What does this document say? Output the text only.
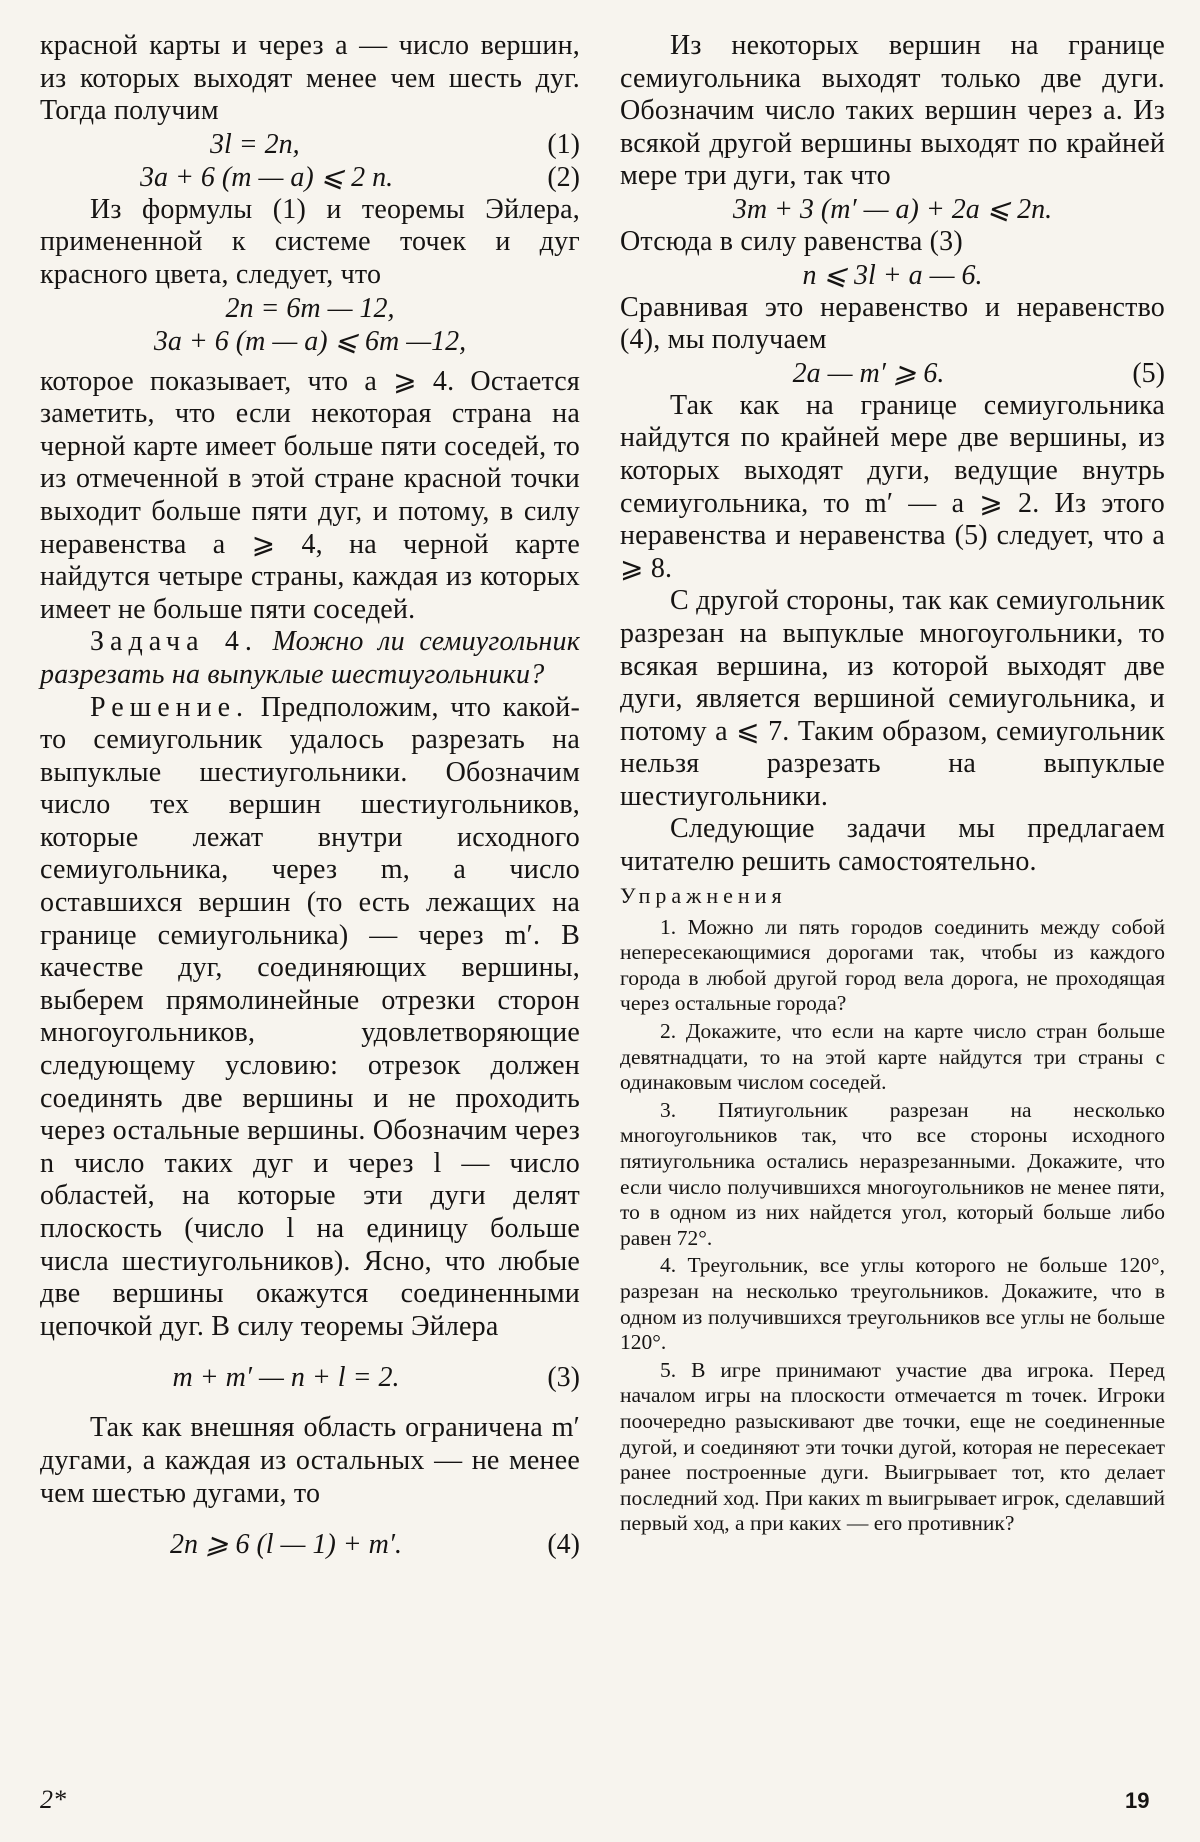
красной карты и через a — число вершин, из которых выходят менее чем шесть дуг. Тогда получим

3l = 2n,	(1)
3a + 6 (m — a) ⩽ 2 n.	(2)

Из формулы (1) и теоремы Эйлера, примененной к системе точек и дуг красного цвета, следует, что

2n = 6m — 12,
3a + 6 (m — a) ⩽ 6m —12,

которое показывает, что a ⩾ 4. Остается заметить, что если некоторая страна на черной карте имеет больше пяти соседей, то из отмеченной в этой стране красной точки выходит больше пяти дуг, и потому, в силу неравенства a ⩾ 4, на черной карте найдутся четыре страны, каждая из которых имеет не больше пяти соседей.

Задача 4. Можно ли семиугольник разрезать на выпуклые шестиугольники?

Решение. Предположим, что какой-то семиугольник удалось разрезать на выпуклые шестиугольники. Обозначим число тех вершин шестиугольников, которые лежат внутри исходного семиугольника, через m, а число оставшихся вершин (то есть лежащих на границе семиугольника) — через m′. В качестве дуг, соединяющих вершины, выберем прямолинейные отрезки сторон многоугольников, удовлетворяющие следующему условию: отрезок должен соединять две вершины и не проходить через остальные вершины. Обозначим через n число таких дуг и через l — число областей, на которые эти дуги делят плоскость (число l на единицу больше числа шестиугольников). Ясно, что любые две вершины окажутся соединенными цепочкой дуг. В силу теоремы Эйлера

m + m′ — n + l = 2.	(3)

Так как внешняя область ограничена m′ дугами, а каждая из остальных — не менее чем шестью дугами, то

2n ⩾ 6 (l — 1) + m′.	(4)

Из некоторых вершин на границе семиугольника выходят только две дуги. Обозначим число таких вершин через a. Из всякой другой вершины выходят по крайней мере три дуги, так что

3m + 3 (m′ — a) + 2a ⩽ 2n.

Отсюда в силу равенства (3)

n ⩽ 3l + a — 6.

Сравнивая это неравенство и неравенство (4), мы получаем

2a — m′ ⩾ 6.	(5)

Так как на границе семиугольника найдутся по крайней мере две вершины, из которых выходят дуги, ведущие внутрь семиугольника, то m′ — a ⩾ 2. Из этого неравенства и неравенства (5) следует, что a ⩾ 8.

С другой стороны, так как семиугольник разрезан на выпуклые многоугольники, то всякая вершина, из которой выходят две дуги, является вершиной семиугольника, и потому a ⩽ 7. Таким образом, семиугольник нельзя разрезать на выпуклые шестиугольники.

Следующие задачи мы предлагаем читателю решить самостоятельно.

Упражнения

1. Можно ли пять городов соединить между собой непересекающимися дорогами так, чтобы из каждого города в любой другой город вела дорога, не проходящая через остальные города?

2. Докажите, что если на карте число стран больше девятнадцати, то на этой карте найдутся три страны с одинаковым числом соседей.

3. Пятиугольник разрезан на несколько многоугольников так, что все стороны исходного пятиугольника остались неразрезанными. Докажите, что если число получившихся многоугольников не менее пяти, то в одном из них найдется угол, который больше либо равен 72°.

4. Треугольник, все углы которого не больше 120°, разрезан на несколько треугольников. Докажите, что в одном из получившихся треугольников все углы не больше 120°.

5. В игре принимают участие два игрока. Перед началом игры на плоскости отмечается m точек. Игроки поочередно разыскивают две точки, еще не соединенные дугой, и соединяют эти точки дугой, которая не пересекает ранее построенные дуги. Выигрывает тот, кто делает последний ход. При каких m выигрывает игрок, сделавший первый ход, а при каких — его противник?

2*	19
